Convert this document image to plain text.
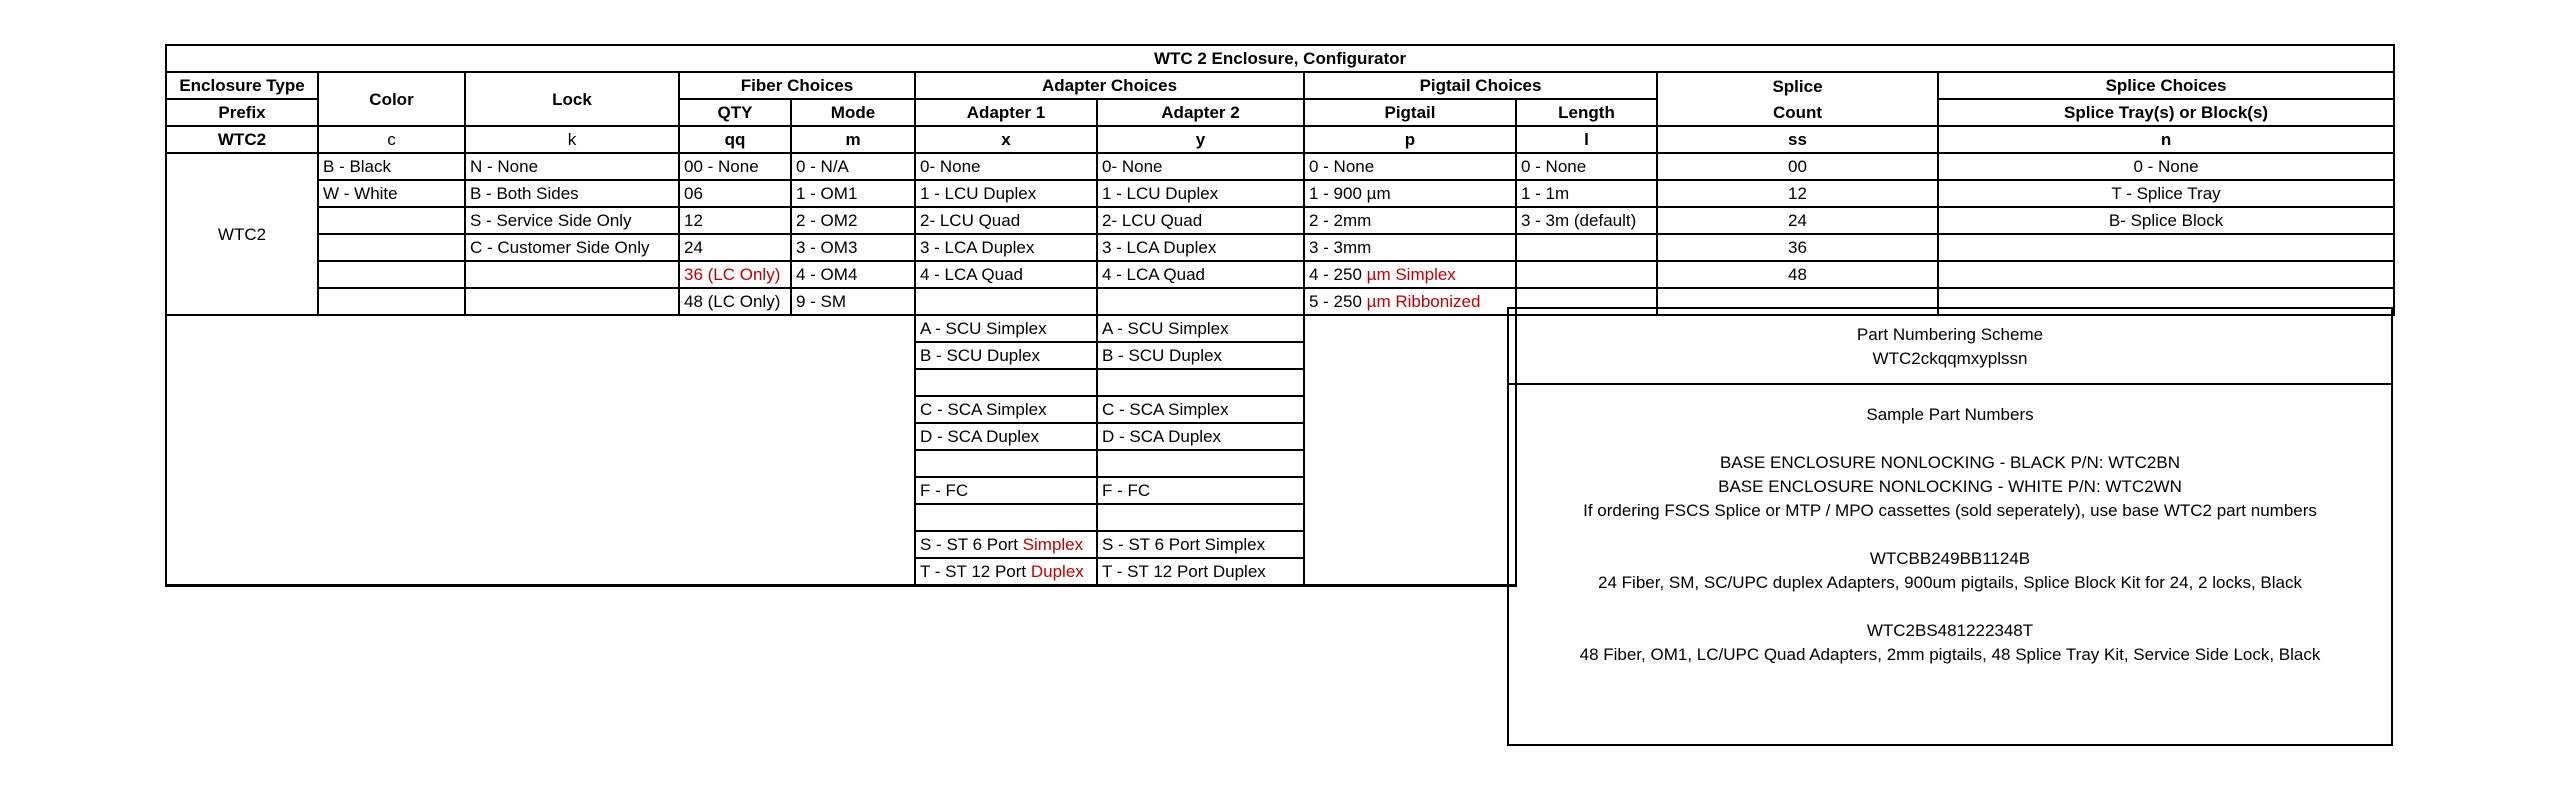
WTC 2 Enclosure, Configurator										
Enclosure Type	Color	Lock	Fiber Choices		Adapter Choices		Pigtail Choices		Splice	Splice Choices
Prefix			QTY	Mode	Adapter 1	Adapter 2	Pigtail	Length	Count	Splice Tray(s) or Block(s)
WTC2	c	k	qq	m	x	y	p	l	ss	n
WTC2	B - Black	N - None	00 - None	0 - N/A	0- None	0- None	0 - None	0 - None	00	0 - None
	W - White	B - Both Sides	06	1 - OM1	1 - LCU Duplex	1 - LCU Duplex	1 - 900 µm	1 - 1m	12	T - Splice Tray
		S - Service Side Only	12	2 - OM2	2- LCU Quad	2- LCU Quad	2 - 2mm	3 - 3m (default)	24	B- Splice Block
		C - Customer Side Only	24	3 - OM3	3 - LCA Duplex	3 - LCA Duplex	3 - 3mm		36	
			36 (LC Only)	4 - OM4	4 - LCA Quad	4 - LCA Quad	4 - 250 µm Simplex		48	
			48 (LC Only)	9 - SM			5 - 250 µm Ribbonized			
					A - SCU Simplex	A - SCU Simplex				
					B - SCU Duplex	B - SCU Duplex				

					C - SCA Simplex	C - SCA Simplex				
					D - SCA Duplex	D - SCA Duplex				

					F - FC	F - FC				

					S - ST 6 Port Simplex	S - ST 6 Port Simplex				
					T - ST 12 Port Duplex	T - ST 12 Port Duplex				
Part Numbering Scheme
WTC2ckqqmxyplssn
Sample Part Numbers
BASE ENCLOSURE NONLOCKING - BLACK P/N: WTC2BN
BASE ENCLOSURE NONLOCKING - WHITE P/N: WTC2WN
If ordering FSCS Splice or MTP / MPO cassettes (sold seperately), use base WTC2 part numbers
WTCBB249BB1124B
24 Fiber, SM, SC/UPC duplex Adapters, 900um pigtails, Splice Block Kit for 24, 2 locks, Black
WTC2BS481222348T
48 Fiber, OM1, LC/UPC Quad Adapters, 2mm pigtails, 48 Splice Tray Kit, Service Side Lock, Black
